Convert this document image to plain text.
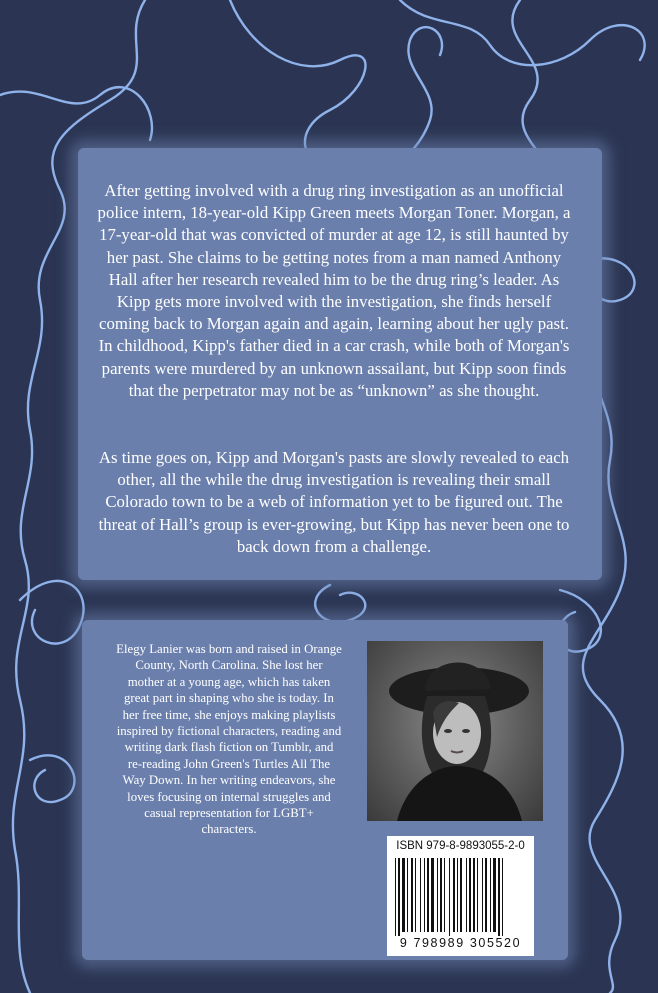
After getting involved with a drug ring investigation as an unofficial police intern, 18-year-old Kipp Green meets Morgan Toner. Morgan, a 17-year-old that was convicted of murder at age 12, is still haunted by her past. She claims to be getting notes from a man named Anthony Hall after her research revealed him to be the drug ring’s leader. As Kipp gets more involved with the investigation, she finds herself coming back to Morgan again and again, learning about her ugly past. In childhood, Kipp's father died in a car crash, while both of Morgan's parents were murdered by an unknown assailant, but Kipp soon finds that the perpetrator may not be as “unknown” as she thought.

As time goes on, Kipp and Morgan's pasts are slowly revealed to each other, all the while the drug investigation is revealing their small Colorado town to be a web of information yet to be figured out. The threat of Hall’s group is ever-growing, but Kipp has never been one to back down from a challenge.

Elegy Lanier was born and raised in Orange County, North Carolina. She lost her mother at a young age, which has taken great part in shaping who she is today. In her free time, she enjoys making playlists inspired by fictional characters, reading and writing dark flash fiction on Tumblr, and re-reading John Green's Turtles All The Way Down. In her writing endeavors, she loves focusing on internal struggles and casual representation for LGBT+ characters.

ISBN 979-8-9893055-2-0
9 798989 305520
